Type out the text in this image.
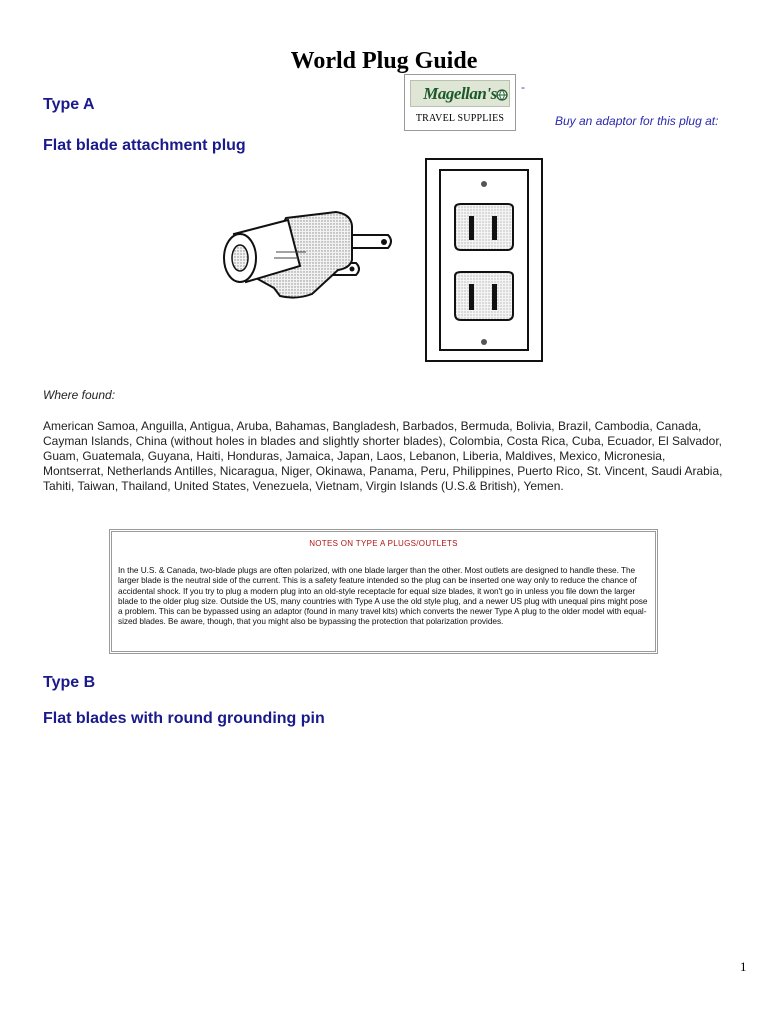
World Plug Guide
Type A
Magellan's
TRAVEL SUPPLIES
-
Buy an adaptor for this plug at:
Flat blade attachment plug
Where found:
American Samoa, Anguilla, Antigua, Aruba, Bahamas, Bangladesh, Barbados, Bermuda, Bolivia, Brazil, Cambodia, Canada, Cayman Islands, China (without holes in blades and slightly shorter blades), Colombia, Costa Rica, Cuba, Ecuador, El Salvador, Guam, Guatemala, Guyana, Haiti, Honduras, Jamaica, Japan, Laos, Lebanon, Liberia, Maldives, Mexico, Micronesia, Montserrat, Netherlands Antilles, Nicaragua, Niger, Okinawa, Panama, Peru, Philippines, Puerto Rico, St. Vincent, Saudi Arabia, Tahiti, Taiwan, Thailand, United States, Venezuela, Vietnam, Virgin Islands (U.S.& British), Yemen.
NOTES ON TYPE A PLUGS/OUTLETS
In the U.S. & Canada, two-blade plugs are often polarized, with one blade larger than the other. Most outlets are designed to handle these. The larger blade is the neutral side of the current. This is a safety feature intended so the plug can be inserted one way only to reduce the chance of accidental shock. If you try to plug a modern plug into an old-style receptacle for equal size blades, it won't go in unless you file down the larger blade to the older plug size. Outside the US, many countries with Type A use the old style plug, and a newer US plug with unequal pins might pose a problem. This can be bypassed using an adaptor (found in many travel kits) which converts the newer Type A plug to the older model with equal-sized blades. Be aware, though, that you might also be bypassing the protection that polarization provides.
Type B
Flat blades with round grounding pin
1
